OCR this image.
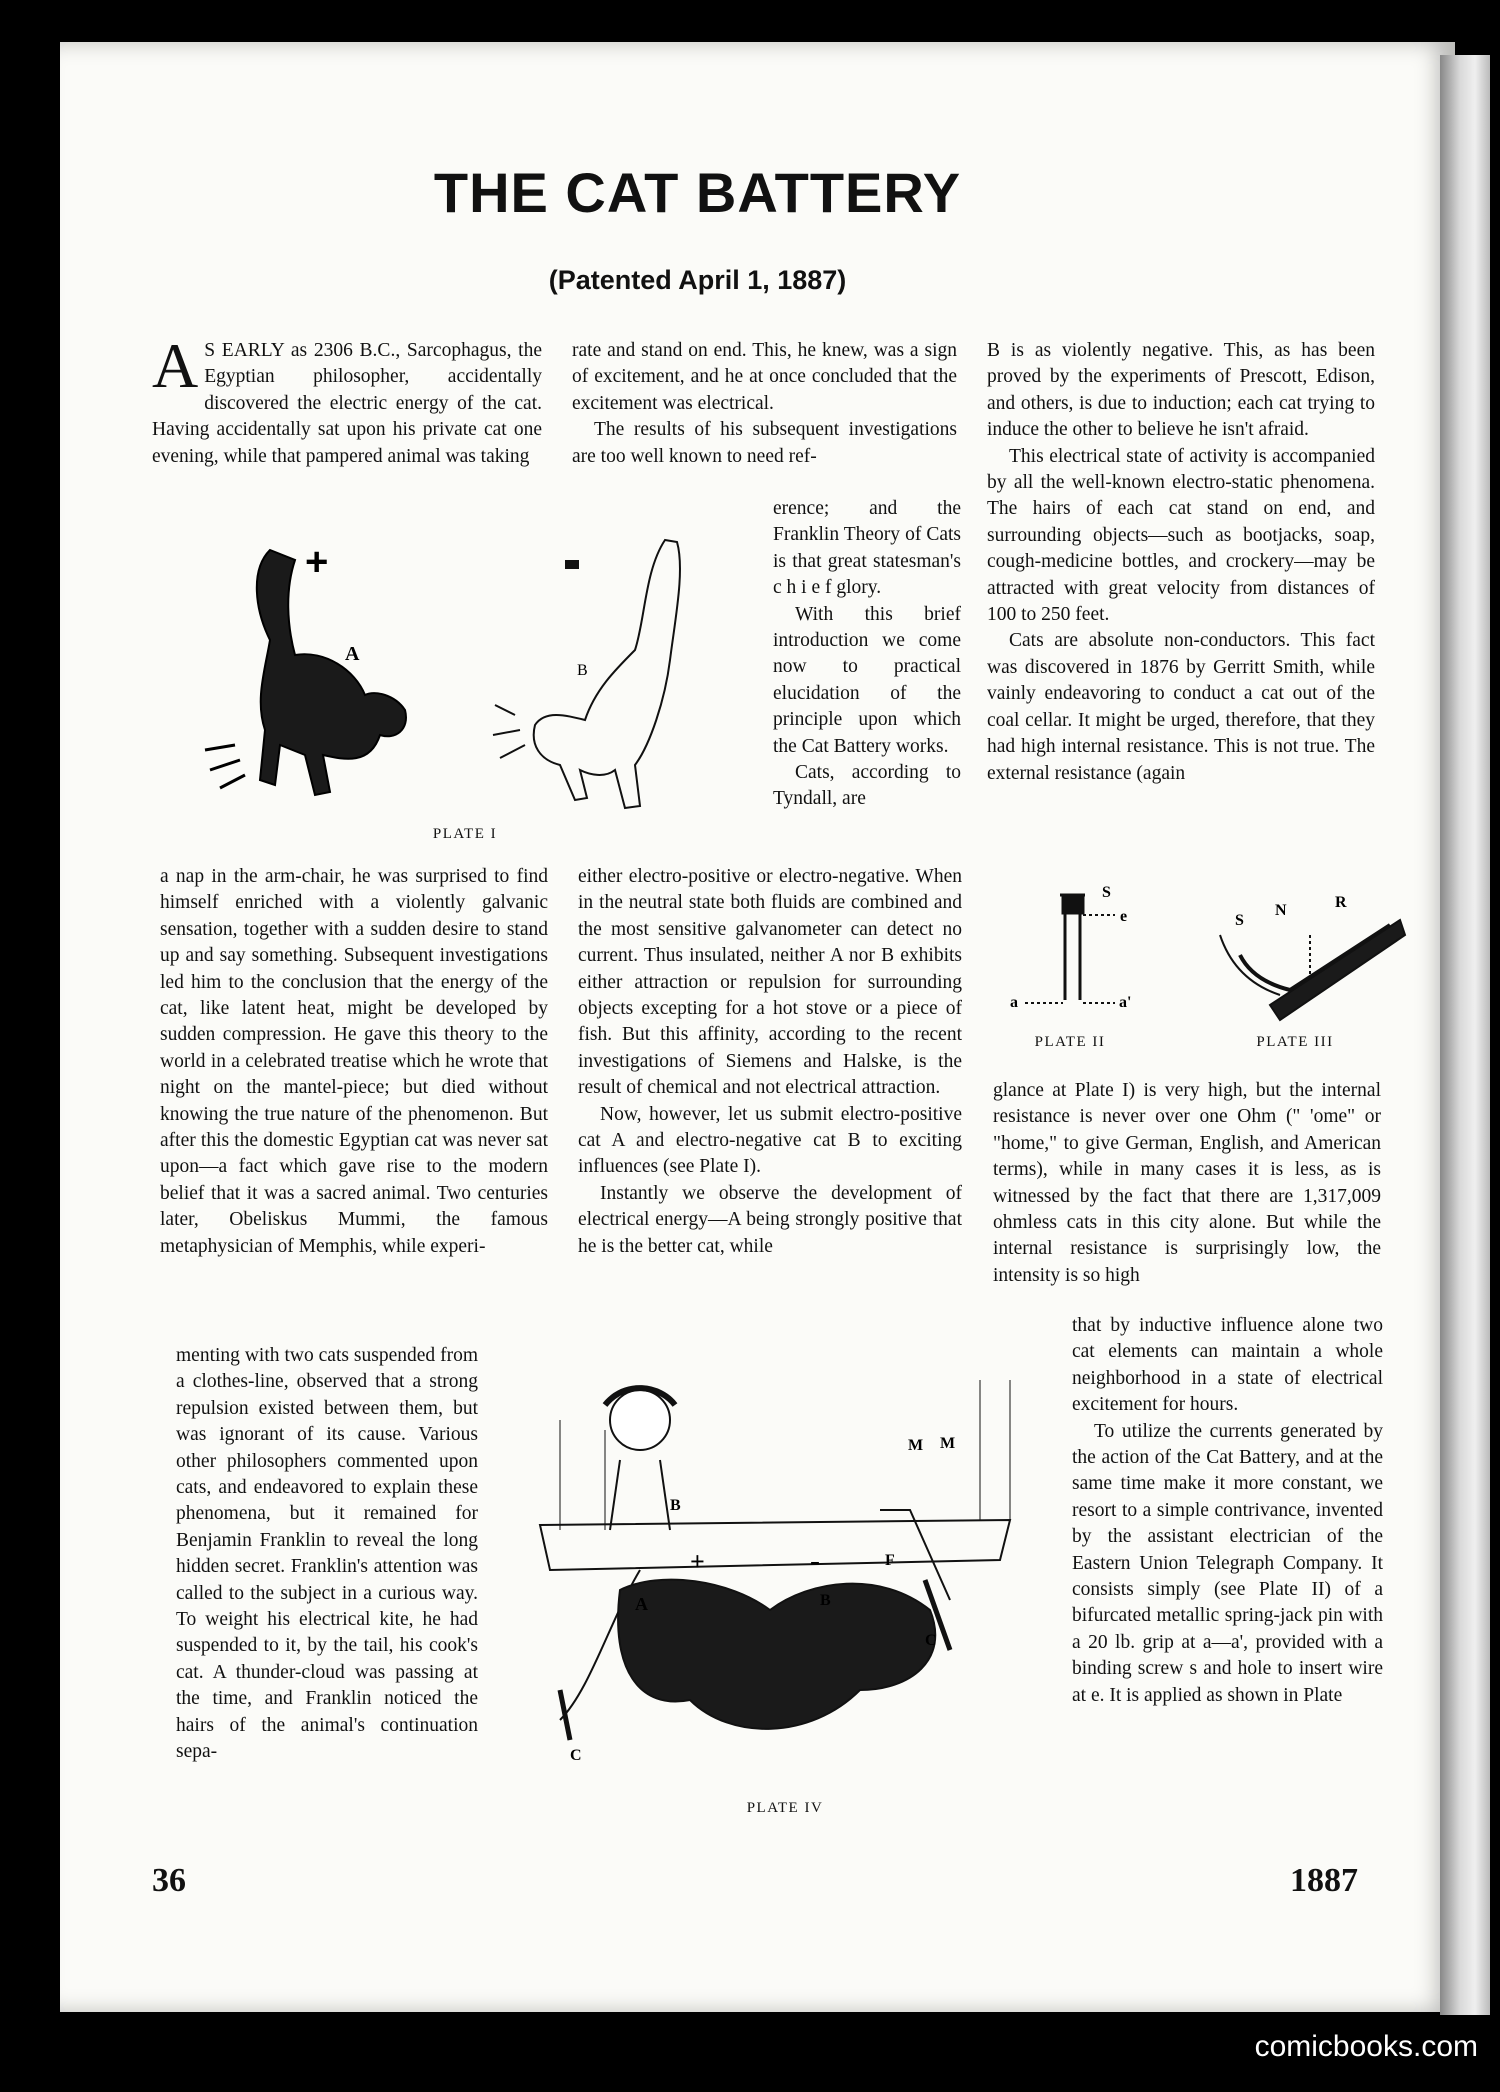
THE CAT BATTERY
(Patented April 1, 1887)

A S EARLY as 2306 B.C., Sarcophagus, the Egyptian philosopher, accidentally discovered the electric energy of the cat. Having accidentally sat upon his private cat one evening, while that pampered animal was taking

a nap in the arm-chair, he was surprised to find himself enriched with a violently galvanic sensation, together with a sudden desire to stand up and say something. Subsequent investigations led him to the conclusion that the energy of the cat, like latent heat, might be developed by sudden compression. He gave this theory to the world in a celebrated treatise which he wrote that night on the mantel-piece; but died without knowing the true nature of the phenomenon. But after this the domestic Egyptian cat was never sat upon—a fact which gave rise to the modern belief that it was a sacred animal. Two centuries later, Obeliskus Mummi, the famous metaphysician of Memphis, while experi-

menting with two cats suspended from a clothes-line, observed that a strong repulsion existed between them, but was ignorant of its cause. Various other philosophers commented upon cats, and endeavored to explain these phenomena, but it remained for Benjamin Franklin to reveal the long hidden secret. Franklin's attention was called to the subject in a curious way. To weight his electrical kite, he had suspended to it, by the tail, his cook's cat. A thunder-cloud was passing at the time, and Franklin noticed the hairs of the animal's continuation sepa-

rate and stand on end. This, he knew, was a sign of excitement, and he at once concluded that the excitement was electrical.

The results of his subsequent investigations are too well known to need ref-

erence; and the Franklin Theory of Cats is that great statesman's c h i e f glory.

With this brief introduction we come now to practical elucidation of the principle upon which the Cat Battery works.

Cats, according to Tyndall, are

either electro-positive or electro-negative. When in the neutral state both fluids are combined and the most sensitive galvanometer can detect no current. Thus insulated, neither A nor B exhibits either attraction or repulsion for surrounding objects excepting for a hot stove or a piece of fish. But this affinity, according to the recent investigations of Siemens and Halske, is the result of chemical and not electrical attraction.

Now, however, let us submit electro-positive cat A and electro-negative cat B to exciting influences (see Plate I).

Instantly we observe the development of electrical energy—A being strongly positive that he is the better cat, while

B is as violently negative. This, as has been proved by the experiments of Prescott, Edison, and others, is due to induction; each cat trying to induce the other to believe he isn't afraid.

This electrical state of activity is accompanied by all the well-known electro-static phenomena. The hairs of each cat stand on end, and surrounding objects—such as bootjacks, soap, cough-medicine bottles, and crockery—may be attracted with great velocity from distances of 100 to 250 feet.

Cats are absolute non-conductors. This fact was discovered in 1876 by Gerritt Smith, while vainly endeavoring to conduct a cat out of the coal cellar. It might be urged, therefore, that they had high internal resistance. This is not true. The external resistance (again

glance at Plate I) is very high, but the internal resistance is never over one Ohm (" 'ome" or "home," to give German, English, and American terms), while in many cases it is less, as is witnessed by the fact that there are 1,317,009 ohmless cats in this city alone. But while the internal resistance is surprisingly low, the intensity is so high

that by inductive influence alone two cat elements can maintain a whole neighborhood in a state of electrical excitement for hours.

To utilize the currents generated by the action of the Cat Battery, and at the same time make it more constant, we resort to a simple contrivance, invented by the assistant electrician of the Eastern Union Telegraph Company. It consists simply (see Plate II) of a bifurcated metallic spring-jack pin with a 20 lb. grip at a—a', provided with a binding screw s and hole to insert wire at e. It is applied as shown in Plate

+
A
B
PLATE I
S
e
a	a'
PLATE II
S
N	R
PLATE III
+	-
A
B
B
F
M M
C
C
PLATE IV
36	1887
comicbooks.com
